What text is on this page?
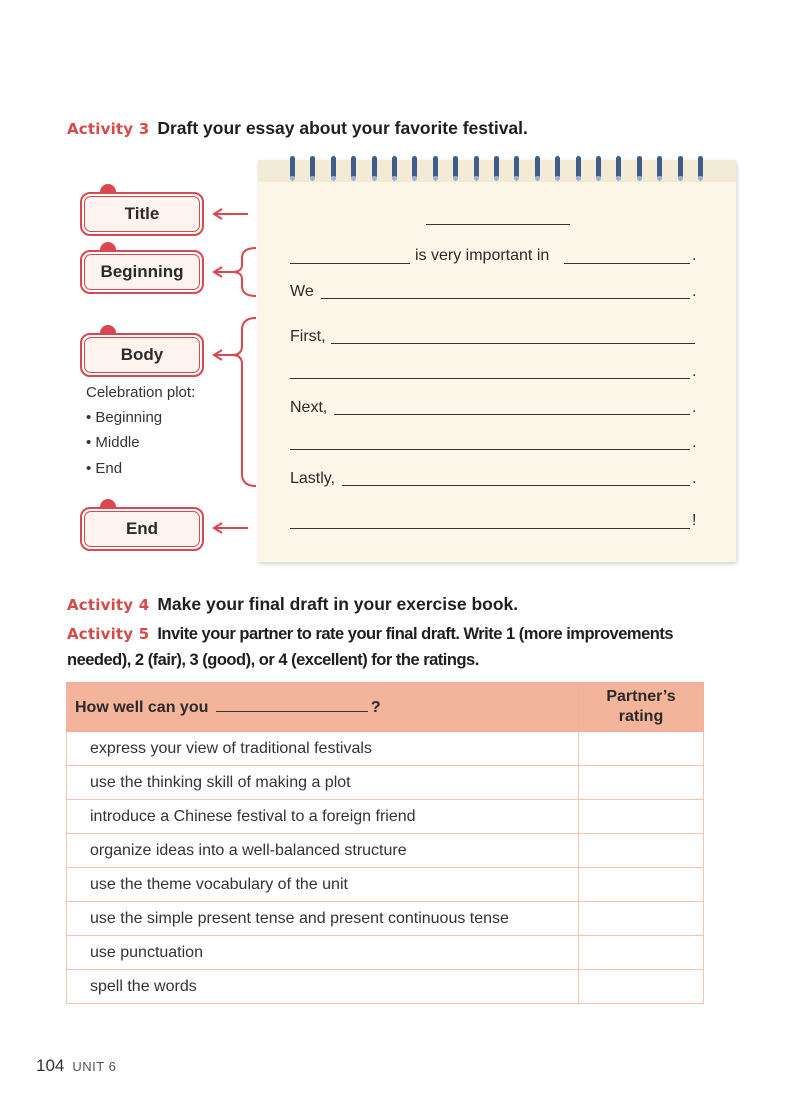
Activity 3 Draft your essay about your favorite festival.
Title
Beginning
Body
End
Celebration plot:
• Beginning
• Middle
• End
is very important in	.
We	.
First,
.
Next,	.
.
Lastly,	.
!
Activity 4 Make your final draft in your exercise book.
Activity 5 Invite your partner to rate your final draft. Write 1 (more improvements
needed), 2 (fair), 3 (good), or 4 (excellent) for the ratings.
How well can you ?	Partner’s
rating
express your view of traditional festivals	
use the thinking skill of making a plot	
introduce a Chinese festival to a foreign friend	
organize ideas into a well-balanced structure	
use the theme vocabulary of the unit	
use the simple present tense and present continuous tense	
use punctuation	
spell the words	
104 UNIT 6
